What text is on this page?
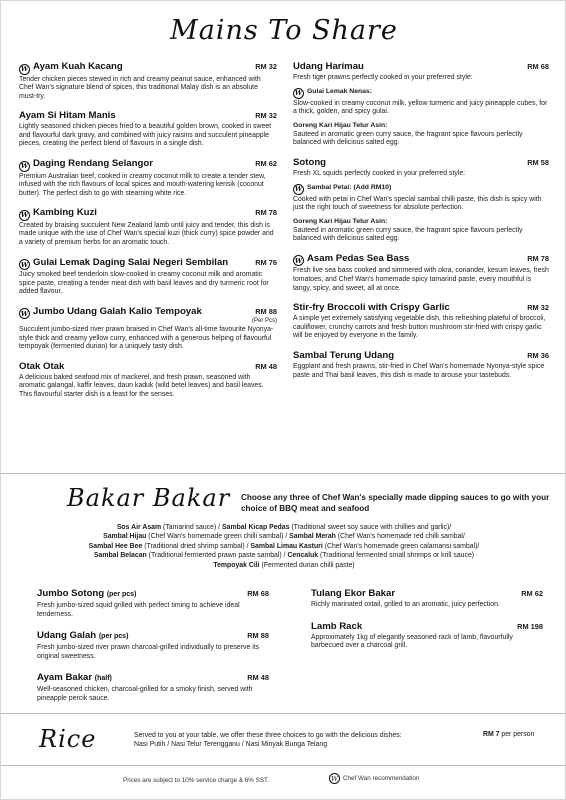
Mains To Share
W Ayam Kuah Kacang	RM 32
Tender chicken pieces stewed in rich and creamy peanut sauce, enhanced with Chef Wan's signature blend of spices, this traditional Malay dish is an absolute must-try.
Ayam Si Hitam Manis	RM 32
Lightly seasoned chicken pieces fried to a beautiful golden brown, cooked in sweet and flavourful dark gravy, and combined with juicy raisins and succulent pineapple pieces, creating the perfect blend of flavours in a single dish.
W Daging Rendang Selangor	RM 62
Premium Australian beef, cooked in creamy coconut milk to create a tender stew, infused with the rich flavours of local spices and mouth-watering kerisik (coconut butter). The perfect dish to go with steaming white rice.
W Kambing Kuzi	RM 78
Created by braising succulent New Zealand lamb until juicy and tender, this dish is made unique with the use of Chef Wan's special kuzi (thick curry) spice powder and a variety of premium herbs for an aromatic touch.
W Gulai Lemak Daging Salai Negeri Sembilan	RM 76
Juicy smoked beef tenderloin slow-cooked in creamy coconut milk and aromatic spice paste, creating a tender meat dish with basil leaves and dry turmeric root for added flavour.
W Jumbo Udang Galah Kalio Tempoyak	RM 88
(Per Pcs)
Succulent jumbo-sized river prawn braised in Chef Wan's all-time favourite Nyonya-style thick and creamy yellow curry, enhanced with a generous helping of flavourful tempoyak (fermented durian) for a uniquely tasty dish.
Otak Otak	RM 48
A delicious baked seafood mix of mackerel, and fresh prawn, seasoned with aromatic galangal, kaffir leaves, daun kaduk (wild betel leaves) and basil leaves. This flavourful starter dish is a feast for the senses.
Udang Harimau	RM 68
Fresh tiger prawns perfectly cooked in your preferred style:
W Gulai Lemak Nenas:
Slow-cooked in creamy coconut milk, yellow turmeric and juicy pineapple cubes, for a thick, golden, and spicy gulai.
Goreng Kari Hijau Telur Asin:
Sauteed in aromatic green curry sauce, the fragrant spice flavours perfectly balanced with delicious salted egg.
Sotong	RM 58
Fresh XL squids perfectly cooked in your preferred style:
W Sambal Petai: (Add RM10)
Cooked with petai in Chef Wan's special sambal chilli paste, this dish is spicy with just the right touch of sweetness for absolute perfection.
Goreng Kari Hijau Telur Asin:
Sauteed in aromatic green curry sauce, the fragrant spice flavours perfectly balanced with delicious salted egg.
W Asam Pedas Sea Bass	RM 78
Fresh live sea bass cooked and simmered with okra, coriander, kesum leaves, fresh tomatoes, and Chef Wan's homemade spicy tamarind paste, every mouthful is tangy, spicy, and sweet, all at once.
Stir-fry Broccoli with Crispy Garlic	RM 32
A simple yet extremely satisfying vegetable dish, this refreshing plateful of broccoli, cauliflower, crunchy carrots and fresh button mushroom stir-fried with crispy garlic will be enjoyed by everyone in the family.
Sambal Terung Udang	RM 36
Eggplant and fresh prawns, stir-fried in Chef Wan's homemade Nyonya-style spice paste and Thai basil leaves, this dish is made to arouse your tastebuds.
Bakar Bakar Choose any three of Chef Wan's specially made dipping sauces to go with your choice of BBQ meat and seafood
Sos Air Asam (Tamarind sauce) / Sambal Kicap Pedas (Traditional sweet soy sauce with chillies and garlic)/
Sambal Hijau (Chef Wan's homemade green chilli sambal) / Sambal Merah (Chef Wan's homemade red chilli sambal/
Sambal Hee Bee (Traditional dried shrimp sambal) / Sambal Limau Kasturi (Chef Wan's homemade green calamansi sambal)/
Sambal Belacan (Traditional fermented prawn paste sambal) / Cencaluk (Traditional fermented small shrimps or krill sauce)
Tempoyak Cili (Fermented durian chilli paste)
Jumbo Sotong (per pcs)	RM 68
Fresh jumbo-sized squid grilled with perfect timing to achieve ideal tenderness.
Udang Galah (per pcs)	RM 88
Fresh jumbo-sized river prawn charcoal-grilled individually to preserve its original sweetness.
Ayam Bakar (half)	RM 48
Well-seasoned chicken, charcoal-grilled for a smoky finish, served with pineapple percik sauce.
Tulang Ekor Bakar	RM 62
Richly marinated oxtail, grilled to an aromatic, juicy perfection.
Lamb Rack	RM 198
Approximately 1kg of elegantly seasoned rack of lamb, flavourfully barbecued over a charcoal grill.
Rice	Served to you at your table, we offer these three choices to go with the delicious dishes:
Nasi Putih / Nasi Telur Terengganu / Nasi Minyak Bunga Telang
RM 7 per person
Prices are subject to 10% service charge & 6% SST.	W Chef Wan recommendation
